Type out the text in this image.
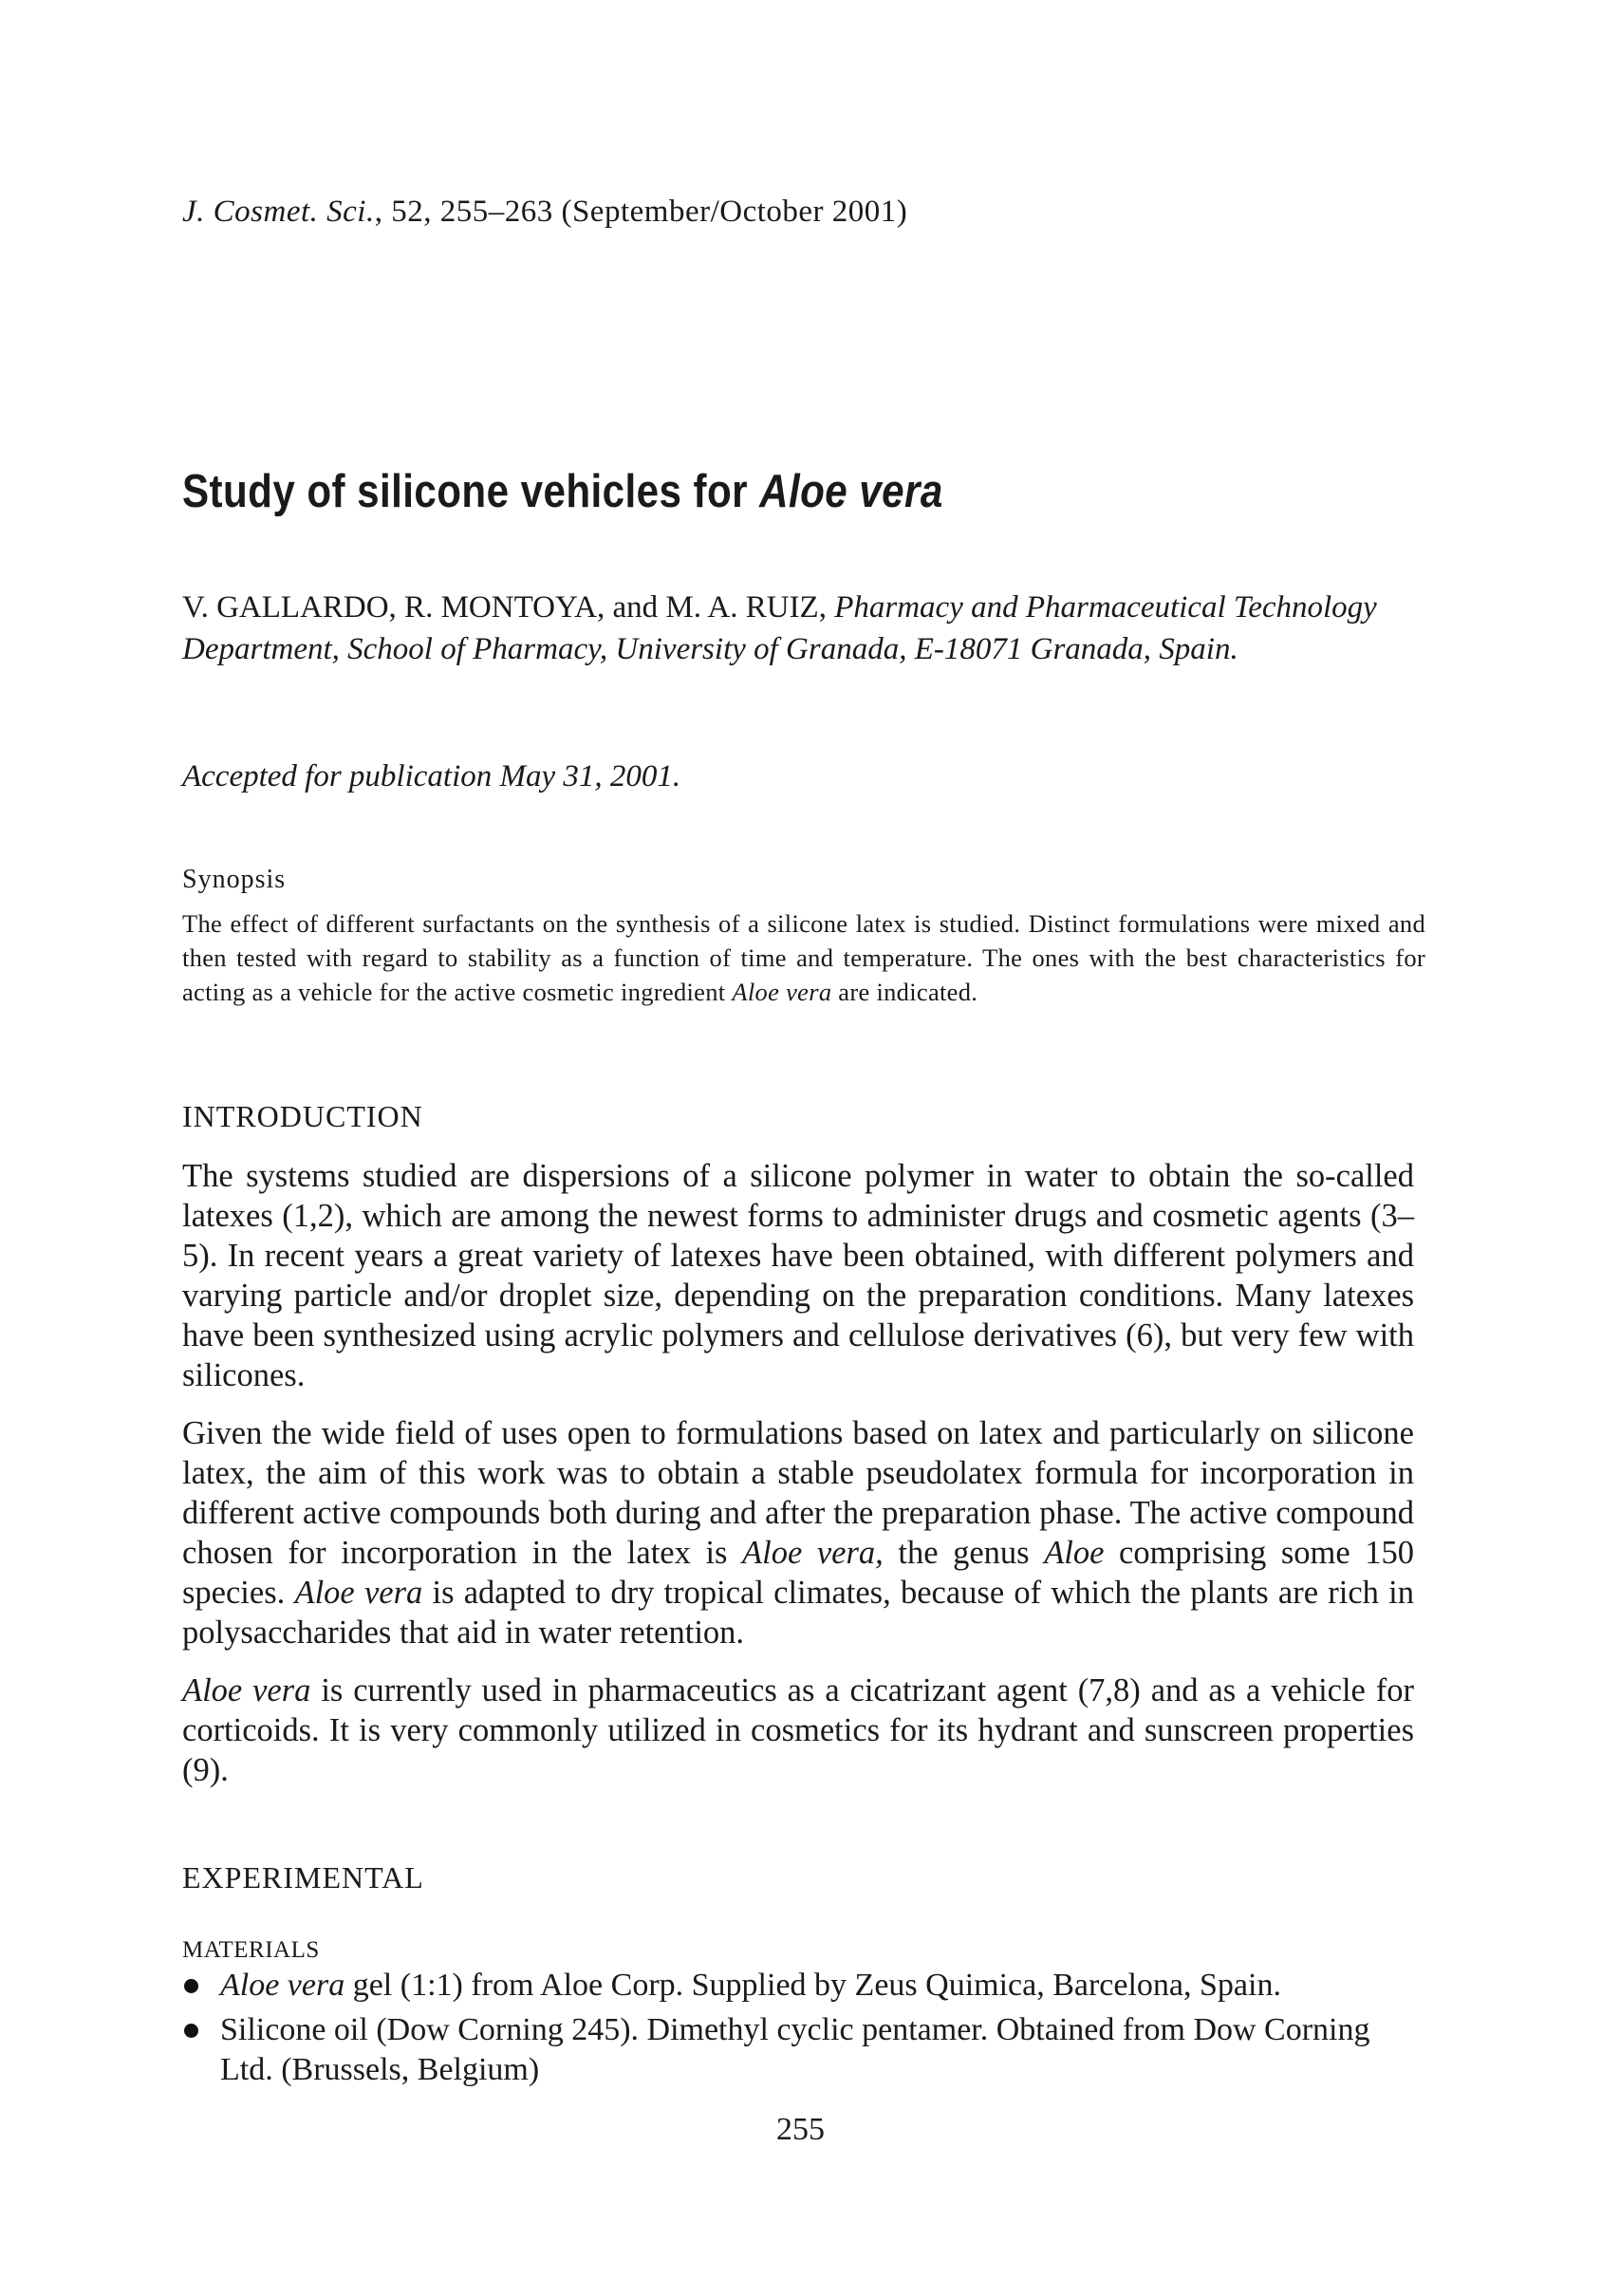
J. Cosmet. Sci., 52, 255–263 (September/October 2001)

Study of silicone vehicles for Aloe vera

V. GALLARDO, R. MONTOYA, and M. A. RUIZ, Pharmacy and Pharmaceutical Technology Department, School of Pharmacy, University of Granada, E-18071 Granada, Spain.

Accepted for publication May 31, 2001.

Synopsis

The effect of different surfactants on the synthesis of a silicone latex is studied. Distinct formulations were mixed and then tested with regard to stability as a function of time and temperature. The ones with the best characteristics for acting as a vehicle for the active cosmetic ingredient Aloe vera are indicated.

INTRODUCTION

The systems studied are dispersions of a silicone polymer in water to obtain the so-called latexes (1,2), which are among the newest forms to administer drugs and cosmetic agents (3–5). In recent years a great variety of latexes have been obtained, with different polymers and varying particle and/or droplet size, depending on the preparation conditions. Many latexes have been synthesized using acrylic polymers and cellulose derivatives (6), but very few with silicones.

Given the wide field of uses open to formulations based on latex and particularly on silicone latex, the aim of this work was to obtain a stable pseudolatex formula for incorporation in different active compounds both during and after the preparation phase. The active compound chosen for incorporation in the latex is Aloe vera, the genus Aloe comprising some 150 species. Aloe vera is adapted to dry tropical climates, because of which the plants are rich in polysaccharides that aid in water retention.

Aloe vera is currently used in pharmaceutics as a cicatrizant agent (7,8) and as a vehicle for corticoids. It is very commonly utilized in cosmetics for its hydrant and sunscreen properties (9).

EXPERIMENTAL

MATERIALS

Aloe vera gel (1:1) from Aloe Corp. Supplied by Zeus Quimica, Barcelona, Spain.
Silicone oil (Dow Corning 245). Dimethyl cyclic pentamer. Obtained from Dow Corning Ltd. (Brussels, Belgium)

255
